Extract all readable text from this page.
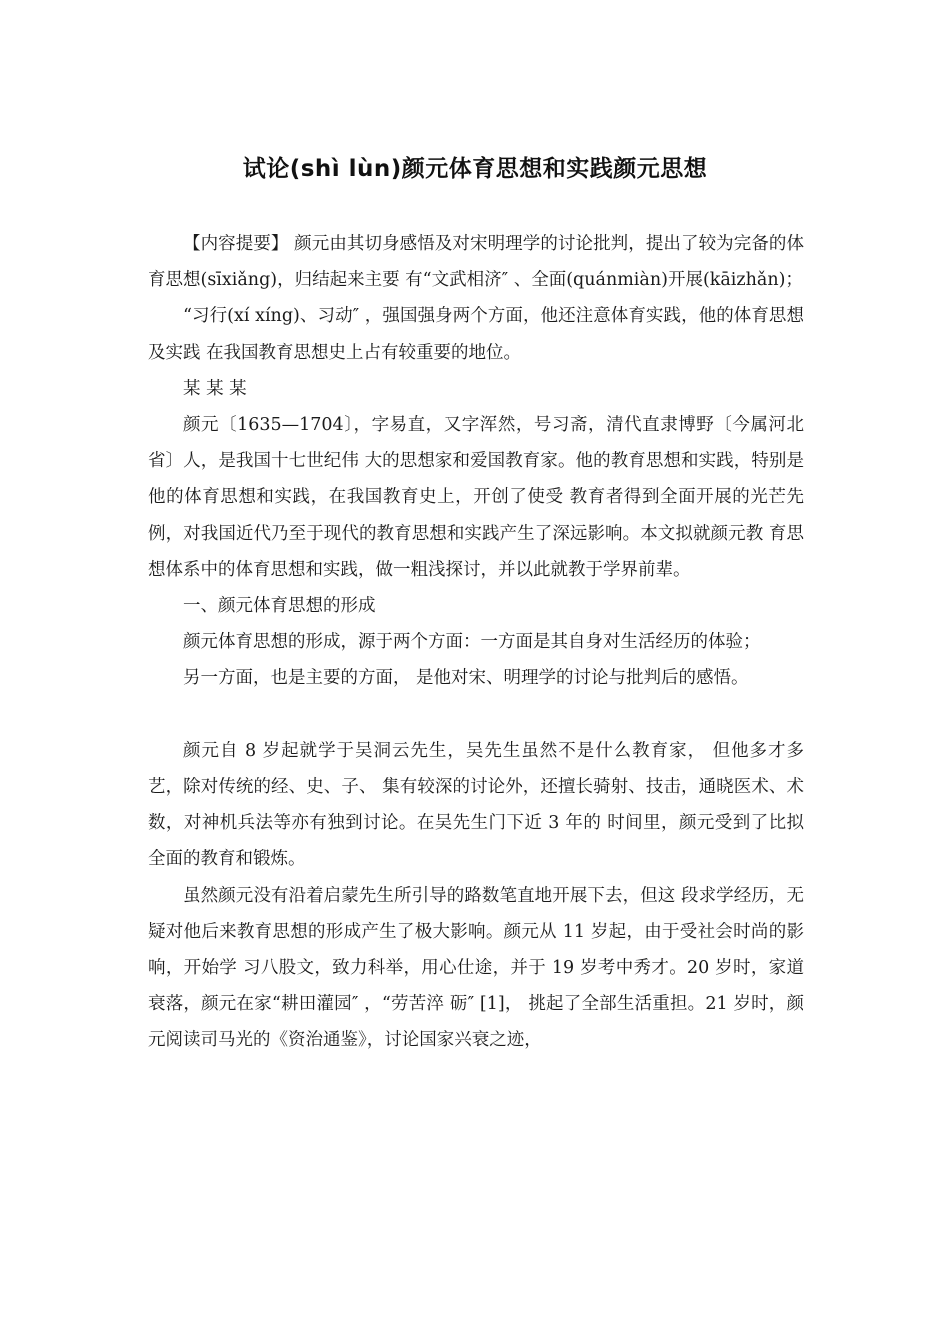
试论(shì lùn)颜元体育思想和实践颜元思想

【内容提要】 颜元由其切身感悟及对宋明理学的讨论批判，提出了较为完备的体育思想(sīxiǎng)，归结起来主要 有“文武相济″ 、全面(quánmiàn)开展(kāizhǎn)；

“习行(xí xíng)、习动″ ，强国强身两个方面，他还注意体育实践，他的体育思想及实践 在我国教育思想史上占有较重要的地位。

某 某 某

颜元〔1635—1704〕，字易直，又字浑然，号习斋，清代直隶博野〔今属河北省〕人，是我国十七世纪伟 大的思想家和爱国教育家。他的教育思想和实践，特别是他的体育思想和实践，在我国教育史上，开创了使受 教育者得到全面开展的光芒先例，对我国近代乃至于现代的教育思想和实践产生了深远影响。本文拟就颜元教 育思想体系中的体育思想和实践，做一粗浅探讨，并以此就教于学界前辈。

一、颜元体育思想的形成

颜元体育思想的形成，源于两个方面：一方面是其自身对生活经历的体验；

另一方面，也是主要的方面， 是他对宋、明理学的讨论与批判后的感悟。

颜元自 8 岁起就学于吴洞云先生，吴先生虽然不是什么教育家， 但他多才多艺，除对传统的经、史、子、 集有较深的讨论外，还擅长骑射、技击，通晓医术、术数，对神机兵法等亦有独到讨论。在吴先生门下近 3 年的 时间里，颜元受到了比拟全面的教育和锻炼。

虽然颜元没有沿着启蒙先生所引导的路数笔直地开展下去，但这 段求学经历，无疑对他后来教育思想的形成产生了极大影响。颜元从 11 岁起，由于受社会时尚的影响，开始学 习八股文，致力科举，用心仕途，并于 19 岁考中秀才。20 岁时，家道衰落，颜元在家“耕田灌园″ ，“劳苦淬 砺″ [1]， 挑起了全部生活重担。21 岁时，颜元阅读司马光的《资治通鉴》，讨论国家兴衰之迹，
